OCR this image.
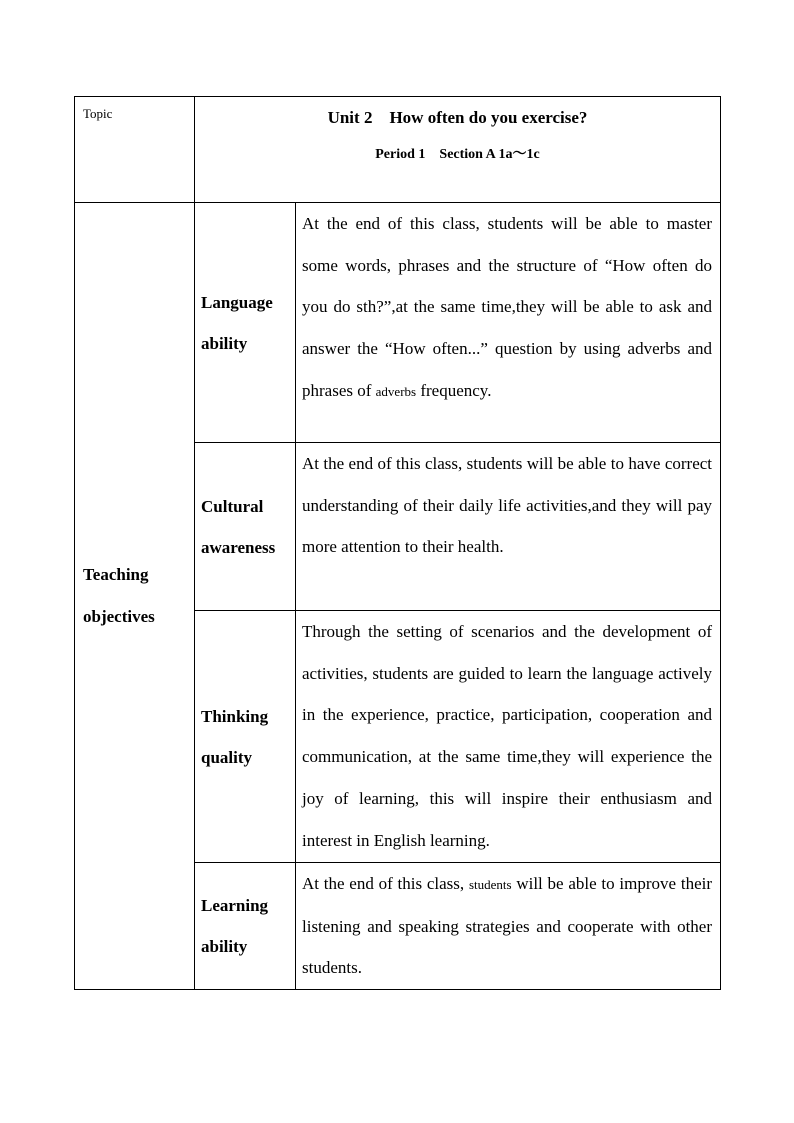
Topic	Unit 2    How often do you exercise?
Period 1    Section A 1a～1c	

Teaching
objectives	Language
ability	At the end of this class, students will be able to master some words, phrases and the structure of “How often do you do sth?”,at the same time,they will be able to ask and answer the “How often...” question by using adverbs and phrases of adverbs frequency.

	Cultural
awareness	At the end of this class, students will be able to have correct understanding of their daily life activities,and they will pay more attention to their health.

	Thinking
quality	Through the setting of scenarios and the development of activities, students are guided to learn the language actively in the experience, practice, participation, cooperation and communication, at the same time,they will experience the joy of learning, this will inspire their enthusiasm and interest in English learning.

	Learning
ability	At the end of this class, students will be able to improve their listening and speaking strategies and cooperate with other students.
